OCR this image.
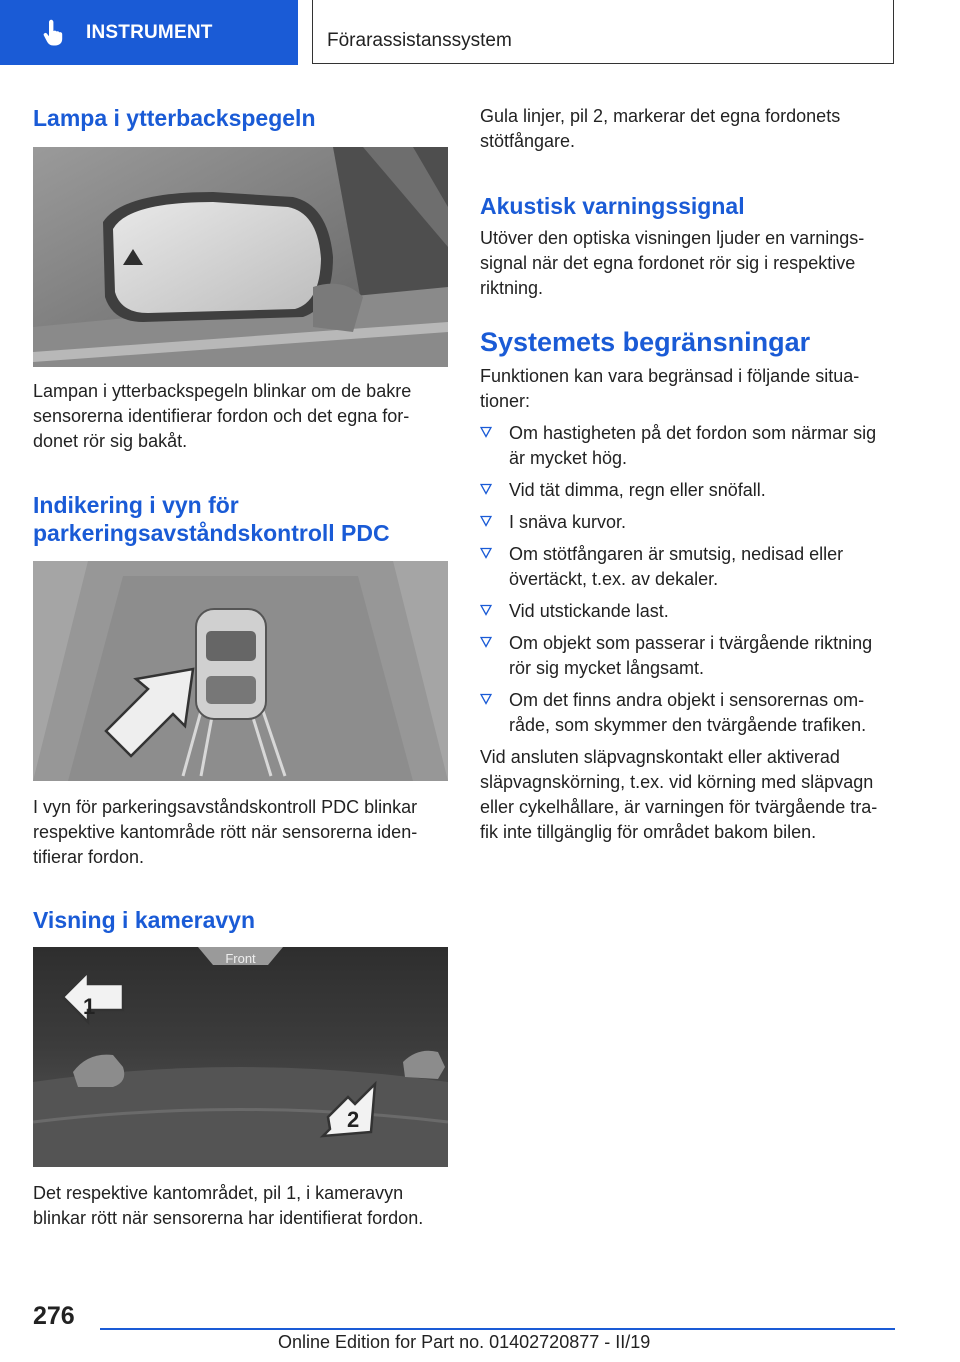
INSTRUMENT	Förarassistanssystem
Lampa i ytterbackspegeln

Lampan i ytterbackspegeln blinkar om de bakre sensorerna identifierar fordon och det egna for-donet rör sig bakåt.

Indikering i vyn för
parkeringsavståndskontroll PDC

I vyn för parkeringsavståndskontroll PDC blinkar respektive kantområde rött när sensorerna iden-tifierar fordon.

Visning i kameravyn
Front
1
2

Det respektive kantområdet, pil 1, i kameravyn blinkar rött när sensorerna har identifierat fordon.

Gula linjer, pil 2, markerar det egna fordonets stötfångare.

Akustisk varningssignal

Utöver den optiska visningen ljuder en varnings-signal när det egna fordonet rör sig i respektive riktning.

Systemets begränsningar

Funktionen kan vara begränsad i följande situa-tioner:

Om hastigheten på det fordon som närmar sig är mycket hög.

Vid tät dimma, regn eller snöfall.

I snäva kurvor.

Om stötfångaren är smutsig, nedisad eller övertäckt, t.ex. av dekaler.

Vid utstickande last.

Om objekt som passerar i tvärgående riktning rör sig mycket långsamt.

Om det finns andra objekt i sensorernas om-råde, som skymmer den tvärgående trafiken.

Vid ansluten släpvagnskontakt eller aktiverad släpvagnskörning, t.ex. vid körning med släpvagn eller cykelhållare, är varningen för tvärgående tra-fik inte tillgänglig för området bakom bilen.

276
Online Edition for Part no. 01402720877 - II/19
